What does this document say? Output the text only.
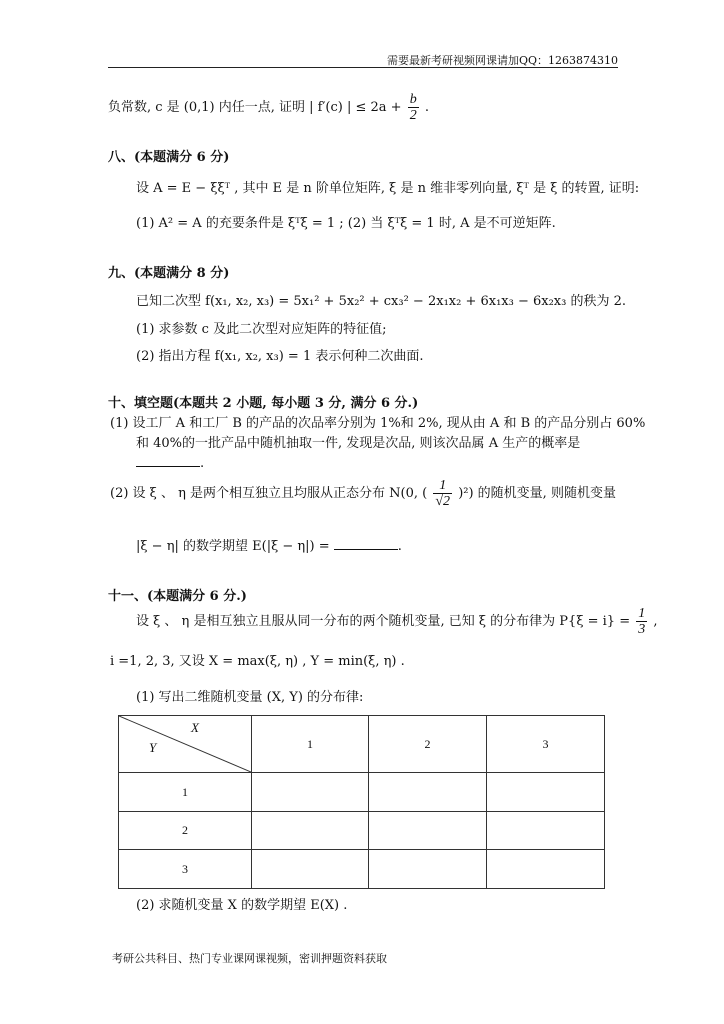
需要最新考研视频网课请加QQ：1263874310
负常数, c 是 (0,1) 内任一点, 证明 | f′(c) | ≤ $2a + \frac{b}{2}$ .
八、(本题满分 6 分)
设 A = E − ξξᵀ , 其中 E 是 n 阶单位矩阵, ξ 是 n 维非零列向量, ξᵀ 是 ξ 的转置, 证明:
(1) A² = A 的充要条件是 ξᵀξ = 1 ; (2) 当 ξᵀξ = 1 时, A 是不可逆矩阵.
九、(本题满分 8 分)
已知二次型 f(x₁, x₂, x₃) = 5x₁² + 5x₂² + cx₃² − 2x₁x₂ + 6x₁x₃ − 6x₂x₃ 的秩为 2.
(1) 求参数 c 及此二次型对应矩阵的特征值;
(2) 指出方程 f(x₁, x₂, x₃) = 1 表示何种二次曲面.
十、填空题(本题共 2 小题, 每小题 3 分, 满分 6 分.)
(1) 设工厂 A 和工厂 B 的产品的次品率分别为 1%和 2%, 现从由 A 和 B 的产品分别占 60%
和 40%的一批产品中随机抽取一件, 发现是次品, 则该次品属 A 生产的概率是
.
(2) 设 ξ 、 η 是两个相互独立且均服从正态分布 N(0, ( $\frac{1}{√2} )^2$) 的随机变量, 则随机变量
|ξ − η| 的数学期望 E(|ξ − η|) =	.
十一、(本题满分 6 分.)
设 ξ 、 η 是相互独立且服从同一分布的两个随机变量, 已知 ξ 的分布律为 $P\{\xi = i\} = \frac{1}{3}$ ,
i =1, 2, 3, 又设 X = max(ξ, η) , Y = min(ξ, η) .
(1) 写出二维随机变量 (X, Y) 的分布律:
X
Y	1	2	3
1			
2			
3			
(2) 求随机变量 X 的数学期望 E(X) .
考研公共科目、热门专业课网课视频，密训押题资料获取
